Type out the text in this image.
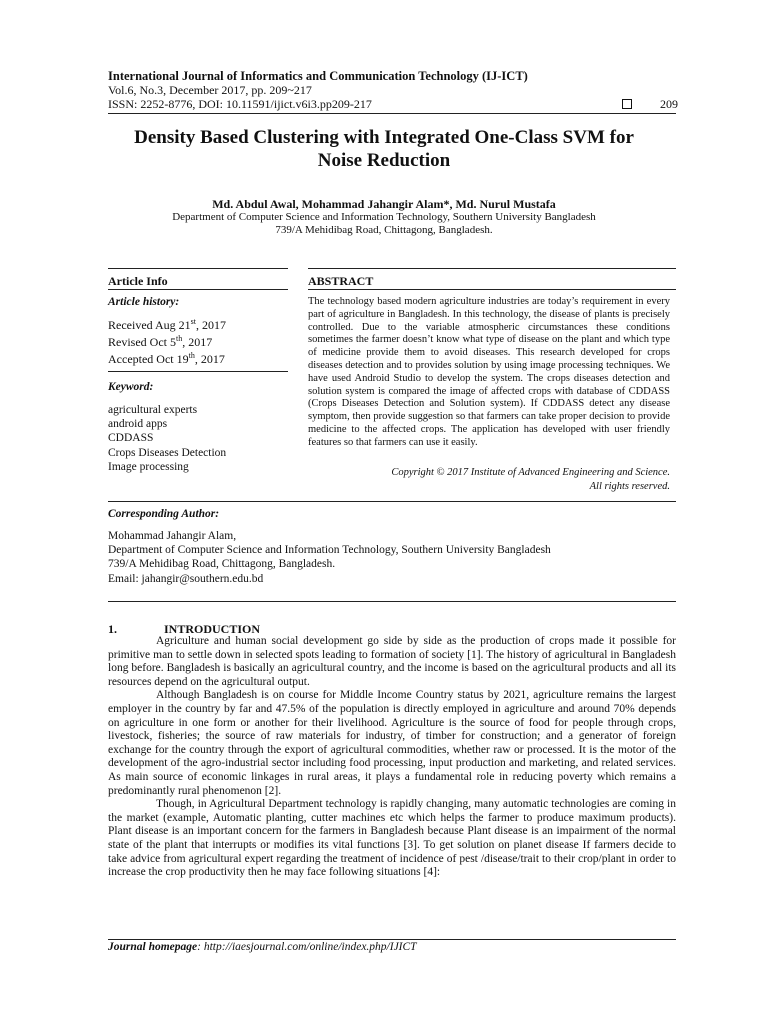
International Journal of Informatics and Communication Technology (IJ-ICT)
Vol.6, No.3, December 2017, pp. 209~217
ISSN: 2252-8776, DOI: 10.11591/ijict.v6i3.pp209-217	209
Density Based Clustering with Integrated One-Class SVM for
Noise Reduction
Md. Abdul Awal, Mohammad Jahangir Alam*, Md. Nurul Mustafa
Department of Computer Science and Information Technology, Southern University Bangladesh
739/A Mehidibag Road, Chittagong, Bangladesh.
Article Info
Article history:
Received Aug 21st, 2017
Revised Oct 5th, 2017
Accepted Oct 19th, 2017
Keyword:
agricultural experts
android apps
CDDASS
Crops Diseases Detection
Image processing
ABSTRACT
The technology based modern agriculture industries are today’s requirement in every part of agriculture in Bangladesh. In this technology, the disease of plants is precisely controlled. Due to the variable atmospheric circumstances these conditions sometimes the farmer doesn’t know what type of disease on the plant and which type of medicine provide them to avoid diseases. This research developed for crops diseases detection and to provides solution by using image processing techniques. We have used Android Studio to develop the system. The crops diseases detection and solution system is compared the image of affected crops with database of CDDASS (Crops Diseases Detection and Solution system). If CDDASS detect any disease symptom, then provide suggestion so that farmers can take proper decision to provide medicine to the affected crops. The application has developed with user friendly features so that farmers can use it easily.
Copyright © 2017 Institute of Advanced Engineering and Science.
All rights reserved.
Corresponding Author:
Mohammad Jahangir Alam,
Department of Computer Science and Information Technology, Southern University Bangladesh
739/A Mehidibag Road, Chittagong, Bangladesh.
Email: jahangir@southern.edu.bd
1.	INTRODUCTION

Agriculture and human social development go side by side as the production of crops made it possible for primitive man to settle down in selected spots leading to formation of society [1]. The history of agricultural in Bangladesh long before. Bangladesh is basically an agricultural country, and the income is based on the agricultural products and all its resources depend on the agricultural output.

Although Bangladesh is on course for Middle Income Country status by 2021, agriculture remains the largest employer in the country by far and 47.5% of the population is directly employed in agriculture and around 70% depends on agriculture in one form or another for their livelihood. Agriculture is the source of food for people through crops, livestock, fisheries; the source of raw materials for industry, of timber for construction; and a generator of foreign exchange for the country through the export of agricultural commodities, whether raw or processed. It is the motor of the development of the agro-industrial sector including food processing, input production and marketing, and related services. As main source of economic linkages in rural areas, it plays a fundamental role in reducing poverty which remains a predominantly rural phenomenon [2].

Though, in Agricultural Department technology is rapidly changing, many automatic technologies are coming in the market (example, Automatic planting, cutter machines etc which helps the farmer to produce maximum products). Plant disease is an important concern for the farmers in Bangladesh because Plant disease is an impairment of the normal state of the plant that interrupts or modifies its vital functions [3]. To get solution on planet disease If farmers decide to take advice from agricultural expert regarding the treatment of incidence of pest /disease/trait to their crop/plant in order to increase the crop productivity then he may face following situations [4]:

Journal homepage: http://iaesjournal.com/online/index.php/IJICT
